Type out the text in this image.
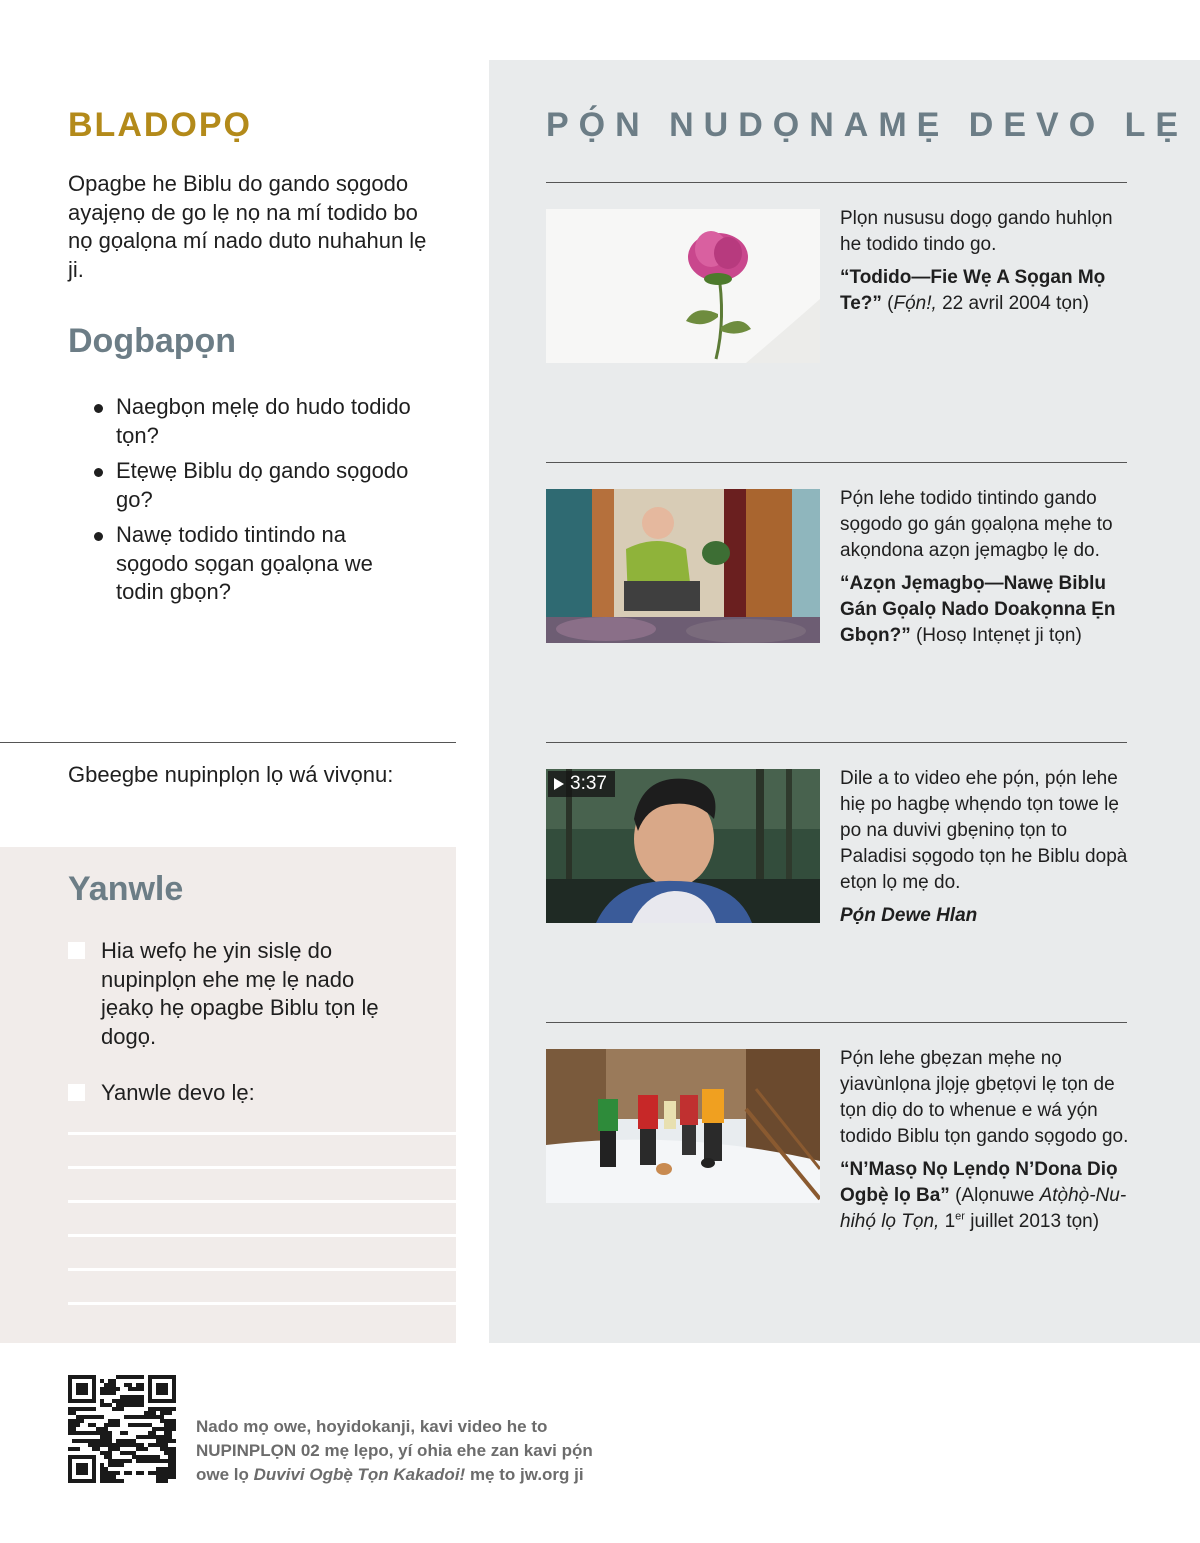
BLADOPỌ

Opagbe he Biblu do gando sọgodo ayajẹnọ de go lẹ nọ na mí todido bo nọ gọalọna mí nado duto nuhahun lẹ ji.

Dogbapọn
Naegbọn mẹlẹ do hudo todido tọn?
Etẹwẹ Biblu dọ gando sọgodo go?
Nawẹ todido tintindo na sọgodo sọgan gọalọna we todin gbọn?
Gbeegbe nupinplọn lọ wá vivọnu:
Yanwle
Hia wefọ he yin sislẹ do nupinplọn ehe mẹ lẹ nado jẹakọ hẹ opagbe Biblu tọn lẹ dogọ.
Yanwle devo lẹ:
PỌ́N NUDỌNAMẸ DEVO LẸ
Plọn nususu dogọ gando huhlọn he todido tindo go.
“Todido—Fie Wẹ A Sọgan Mọ Te?” (Fọ́n!, 22 avril 2004 tọn)
Pọ́n lehe todido tintindo gando sọgodo go gán gọalọna mẹhe to akọndona azọn jẹmagbọ lẹ do.
“Azọn Jẹmagbọ—Nawẹ Biblu Gán Gọalọ Nado Doakọnna Ẹn Gbọn?” (Hosọ Intẹnẹt ji tọn)
3:37	Dile a to video ehe pọ́n, pọ́n lehe hiẹ po hagbẹ whẹndo tọn towe lẹ po na duvivi gbẹninọ tọn to Paladisi sọgodo tọn he Biblu dopà etọn lọ mẹ do.
Pọ́n Dewe Hlan
Pọ́n lehe gbẹzan mẹhe nọ yiavùnlọna jlọjẹ gbẹtọvi lẹ tọn de tọn diọ do to whenue e wá yọ́n todido Biblu tọn gando sọgodo go.
“N’Masọ Nọ Lẹndọ N’Dona Diọ Ogbẹ̀ lọ Ba” (Alọnuwe Atọ̀họ̀-Nuhihọ́ lọ Tọn, 1er juillet 2013 tọn)
Nado mọ owe, hoyidokanji, kavi video he to
NUPINPLỌN 02 mẹ lẹpo, yí ohia ehe zan kavi pọ́n
owe lọ Duvivi Ogbẹ̀ Tọn Kakadoi! mẹ to jw.org ji
